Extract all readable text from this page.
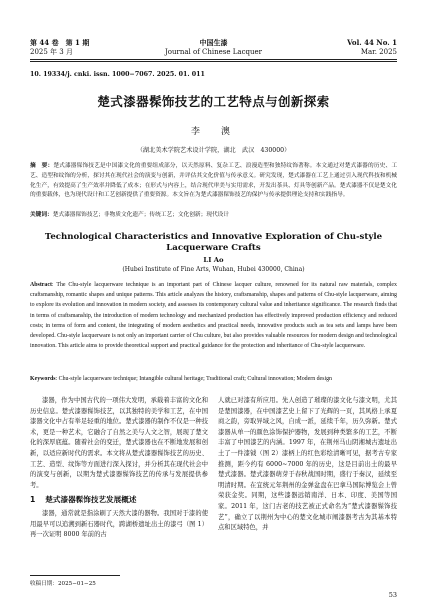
第 44 卷　第 1 期	中国生漆	Vol. 44 No. 1
2025 年 3 月	Journal of Chinese Lacquer	Mar. 2025
10. 19334/j. cnki. issn. 1000−7067. 2025. 01. 011
楚式漆器髹饰技艺的工艺特点与创新探索
李　澳
（湖北美术学院艺术设计学院，湖北　武汉　430000）
摘　要：楚式漆器髹饰技艺是中国漆文化的重要组成部分，以天然原料、复杂工艺、浪漫造型和独特纹饰著称。本文通过对楚式漆器的历史、工艺、造型和纹饰的分析，探讨其在现代社会的演变与创新，并评估其文化价值与传承意义。研究发现，楚式漆器在工艺上通过引入现代科技和机械化生产，有效提高了生产效率并降低了成本；在形式与内容上，结合现代审美与实用需求，开发出茶具、灯具等创新产品。楚式漆器不仅是楚文化的重要载体，也为现代设计和工艺创新提供了重要资源。本文旨在为楚式漆器髹饰技艺的保护与传承提供理论支持和实践指导。
关键词：楚式漆器髹饰技艺；非物质文化遗产；传统工艺；文化创新；现代设计
Technological Characteristics and Innovative Exploration of Chu-style Lacquerware Crafts
LI Ao
(Hubei Institute of Fine Arts, Wuhan, Hubei 430000, China)
Abstract: The Chu-style lacquerware technique is an important part of Chinese lacquer culture, renowned for its natural raw materials, complex craftsmanship, romantic shapes and unique patterns. This article analyzes the history, craftsmanship, shapes and patterns of Chu-style lacquerware, aiming to explore its evolution and innovation in modern society, and assesses its contemporary cultural value and inheritance significance. The research finds that in terms of craftsmanship, the introduction of modern technology and mechanized production has effectively improved production efficiency and reduced costs; in terms of form and content, the integrating of modern aesthetics and practical needs, innovative products such as tea sets and lamps have been developed. Chu-style lacquerware is not only an important carrier of Chu culture, but also provides valuable resources for modern design and technological innovation. This article aims to provide theoretical support and practical guidance for the protection and inheritance of Chu-style lacquerware.
Keywords: Chu-style lacquerware technique; Intangible cultural heritage; Traditional craft; Cultural innovation; Modern design

漆器，作为中国古代的一项伟大发明，承载着丰富的文化和历史信息。楚式漆器髹饰技艺，以其独特的美学和工艺，在中国漆器文化中占有举足轻重的地位。楚式漆器的制作不仅是一种技术，更是一种艺术，它融合了自然之美与人文之智，展现了楚文化的深厚底蕴。随着社会的变迁，楚式漆器也在不断地发展和创新，以适应新时代的需求。本文将从楚式漆器髹饰技艺的历史、工艺、造型、纹饰等方面进行深入探讨，并分析其在现代社会中的演变与创新，以期为楚式漆器髹饰技艺的传承与发展提供参考。

1 楚式漆器髹饰技艺发展概述

漆器，通常就是指涂刷了天然大漆的器物。我国对于漆的使用最早可以追溯到新石器时代，跨湖桥遗址出土的漆弓（图 1）再一次证明 8000 年前的古

人就已对漆有所应用。先人创造了璀璨的漆文化与漆文明，尤其是楚国漆器，在中国漆艺史上留下了光辉的一页，其风格上承夏商之韵，旁取异域之风，自成一派，延续千年，历久弥新。楚式漆器从单一的颜色涂饰保护器物，发展到种类繁多的工艺，不断丰富了中国漆艺的内涵。1997 年，在荆州马山阴湘城古遗址出土了一件漆钺（图 2）漆柄上的红色彩绘清晰可见，据考古专家推测，距今约有 6000~7000 年的历史，这是目前出土的最早楚式漆器。楚式漆器萌芽于春秋战国时期，盛行于秦汉，延续至明清时期。在宜统元年荆州的金弹盆盘在巴拿马国际博览会上曾荣获金奖。同期，这些漆器远销南洋、日本、印度、美国等国家。2011 年，这门古老的技艺被正式命名为“楚式漆器髹饰技艺”，确立了以荆州为中心的楚文化城市阐漆器考古为其基本特点和区域特色，并

收稿日期：2025−01−25
53
